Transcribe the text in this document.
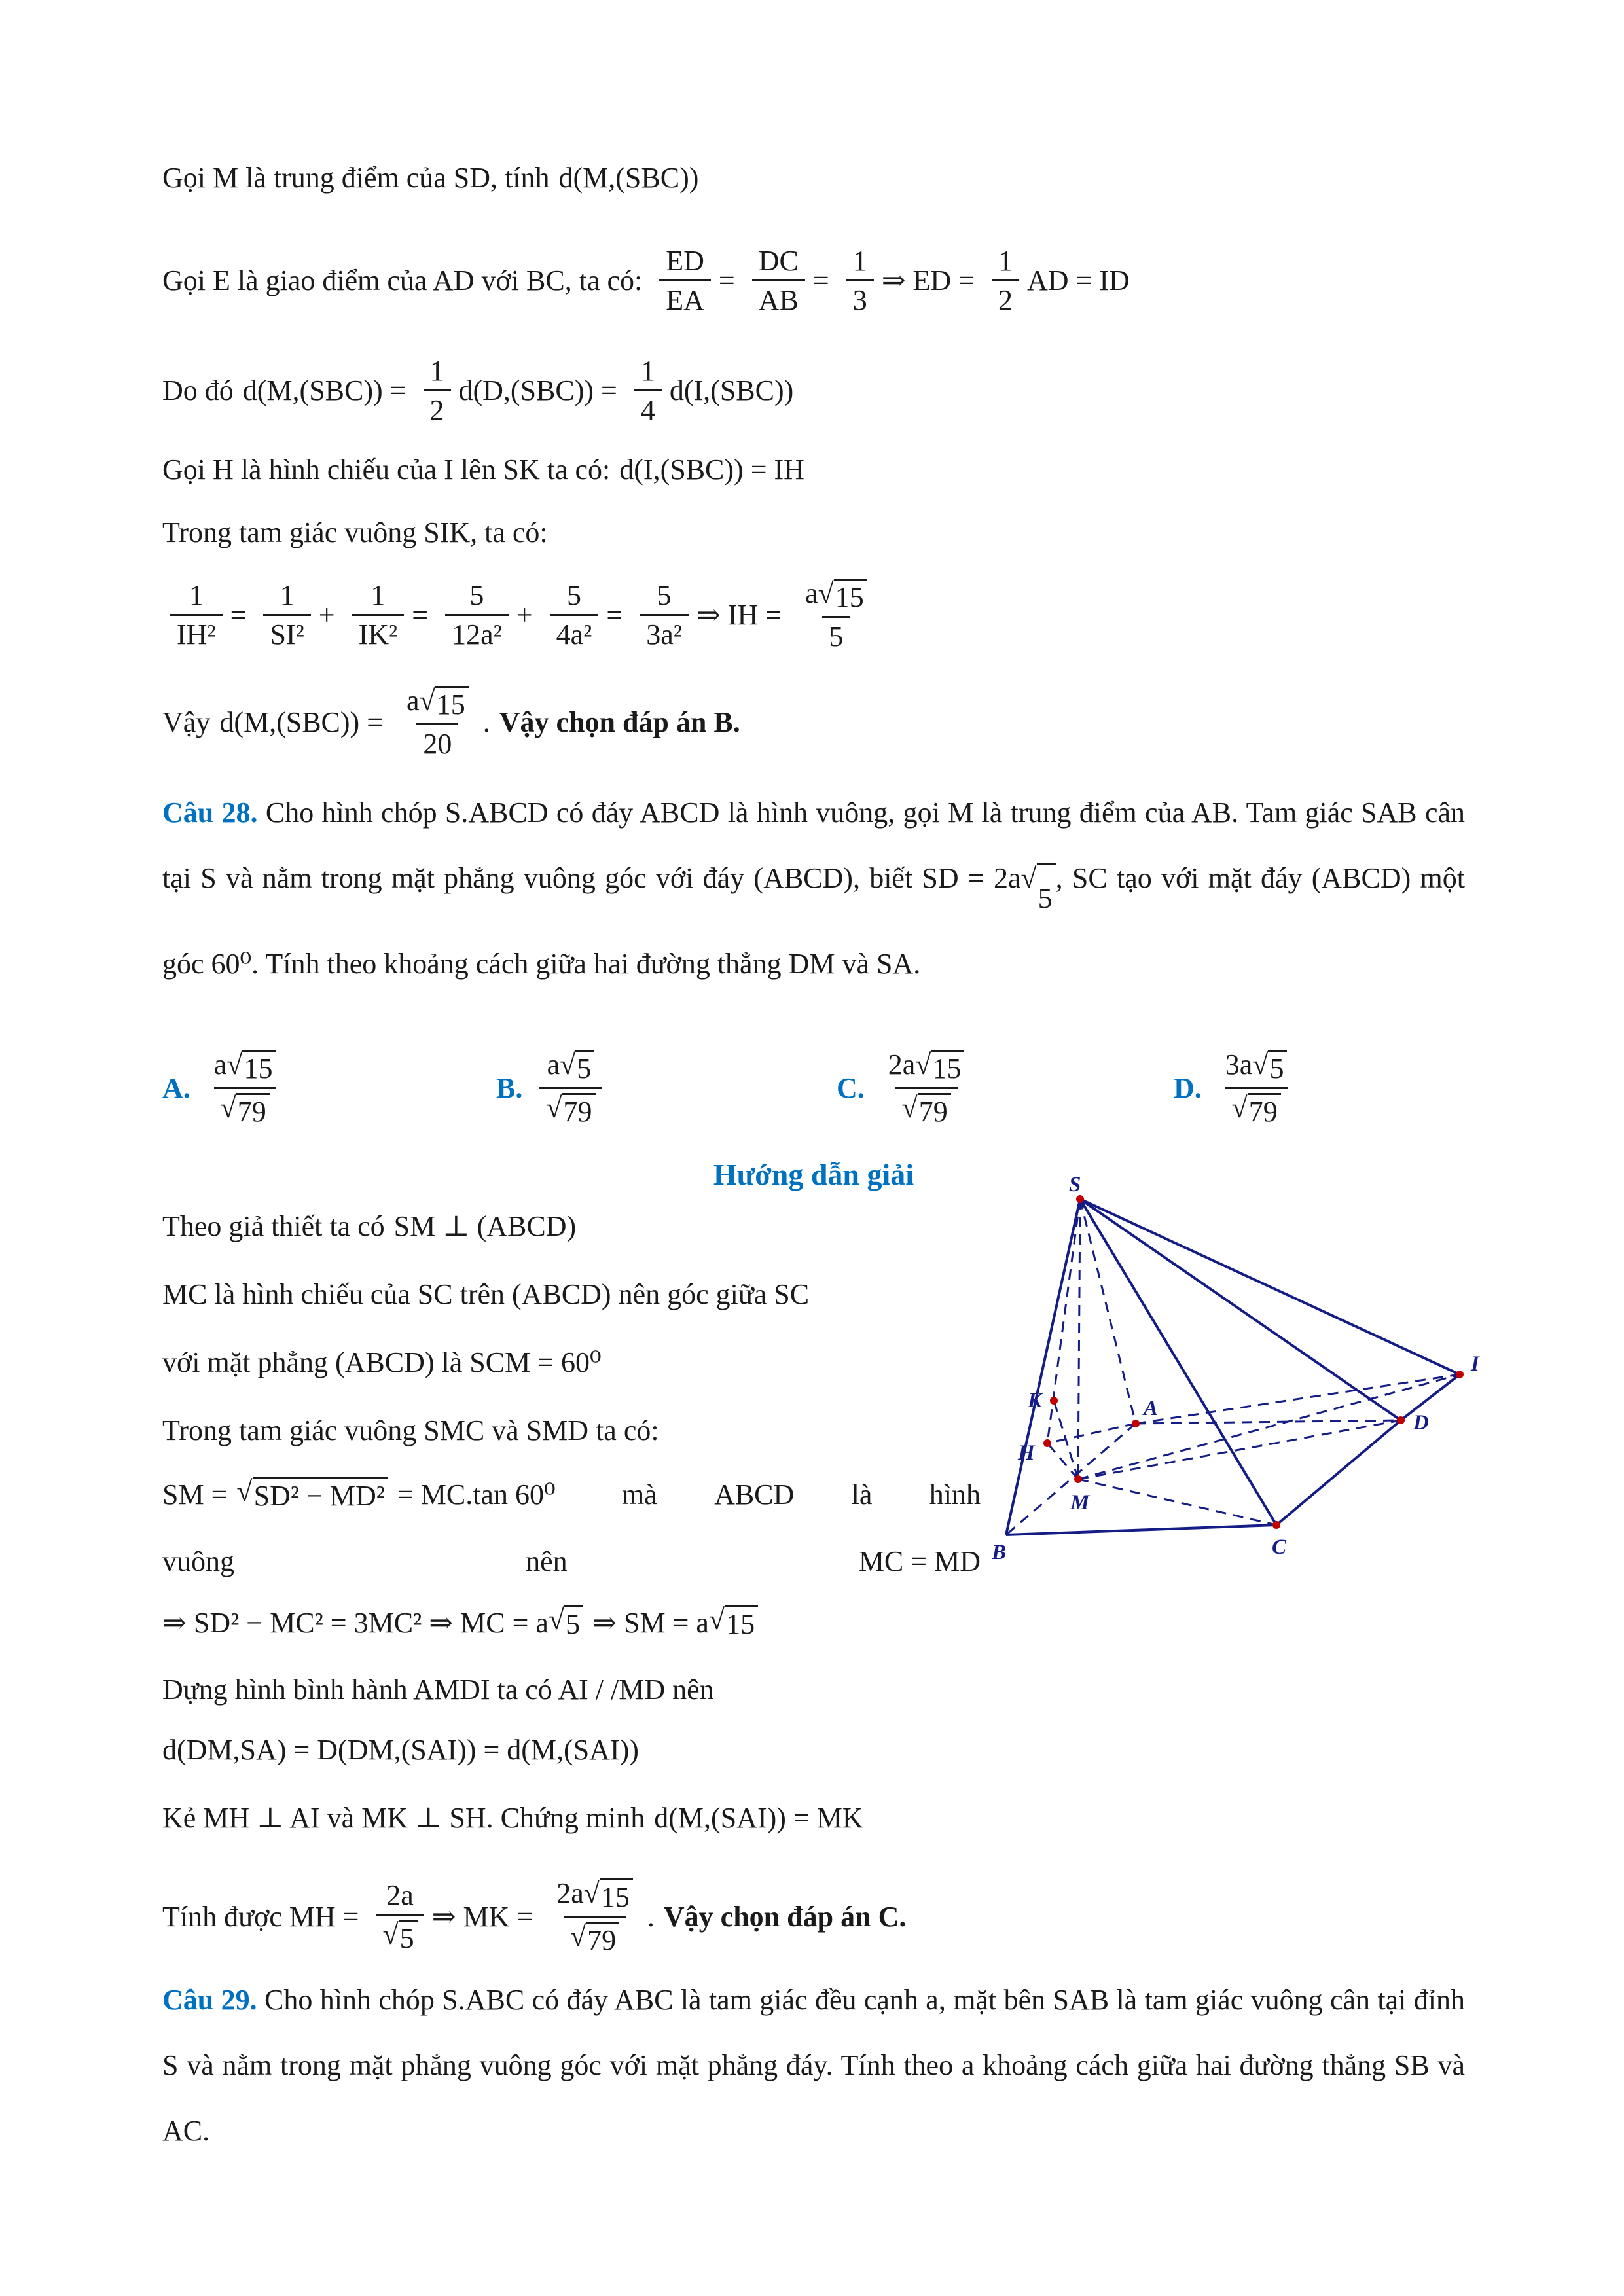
Gọi M là trung điểm của SD, tính d(M,(SBC))
Gọi E là giao điểm của AD với BC, ta có: $\frac{ED}{EA} = \frac{DC}{AB} = \frac{1}{3}$ ⇒ ED = $\frac{1}{2}$ AD = ID
Do đó $d(M,(SBC)) = \frac{1}{2} d(D,(SBC)) = \frac{1}{4} d(I,(SBC))$
Gọi H là hình chiếu của I lên SK ta có: d(I,(SBC)) = IH
Trong tam giác vuông SIK, ta có:
$\frac{1}{\text{IH²}} = \frac{1}{\text{SI²}} + \frac{1}{\text{IK²}} = \frac{5}{\text{12a²}} + \frac{5}{\text{4a²}} = \frac{5}{\text{3a²}}$ ⇒ IH = $\frac{a √ 15}{5}$
Vậy $d(M,(SBC)) = \frac{a √ 15}{20}$ . Vậy chọn đáp án B.
Câu 28. Cho hình chóp S.ABCD có đáy ABCD là hình vuông, gọi M là trung điểm của AB. Tam giác SAB cân tại S và nằm trong mặt phẳng vuông góc với đáy (ABCD), biết SD = 2a √
5
, SC tạo với mặt đáy (ABCD) một góc 60⁰. Tính theo khoảng cách giữa hai đường thẳng DM và SA.
A. $\frac{a √ 15}{√ 79}$	B. $\frac{a √ 5}{√ 79}$	C. $\frac{2a √ 15}{√ 79}$	D. $\frac{3a √ 5}{√ 79}$
Hướng dẫn giải
Theo giả thiết ta có SM ⊥ (ABCD)
MC là hình chiếu của SC trên (ABCD) nên góc giữa SC
với mặt phẳng (ABCD) là SCM = 60⁰
Trong tam giác vuông SMC và SMD ta có:
SM = √ SD² − MD² = MC.tan 60⁰ mà ABCD là hình
vuông	nên	MC = MD
⇒ SD² − MC² = 3MC² ⇒ MC = a √ 5 ⇒ SM = a √ 15
Dựng hình bình hành AMDI ta có AI / /MD nên
d(DM,SA) = D(DM,(SAI)) = d(M,(SAI))
Kẻ MH ⊥ AI và MK ⊥ SH. Chứng minh d(M,(SAI)) = MK
Tính được MH = $\frac{2a}{√ 5}$ ⇒ MK = $\frac{2a √ 15}{√ 79}$ . Vậy chọn đáp án C.
Câu 29. Cho hình chóp S.ABC có đáy ABC là tam giác đều cạnh a, mặt bên SAB là tam giác vuông cân tại đỉnh S và nằm trong mặt phẳng vuông góc với mặt phẳng đáy. Tính theo a khoảng cách giữa hai đường thẳng SB và AC.
S
K
H
M
B
A
C
D
I
